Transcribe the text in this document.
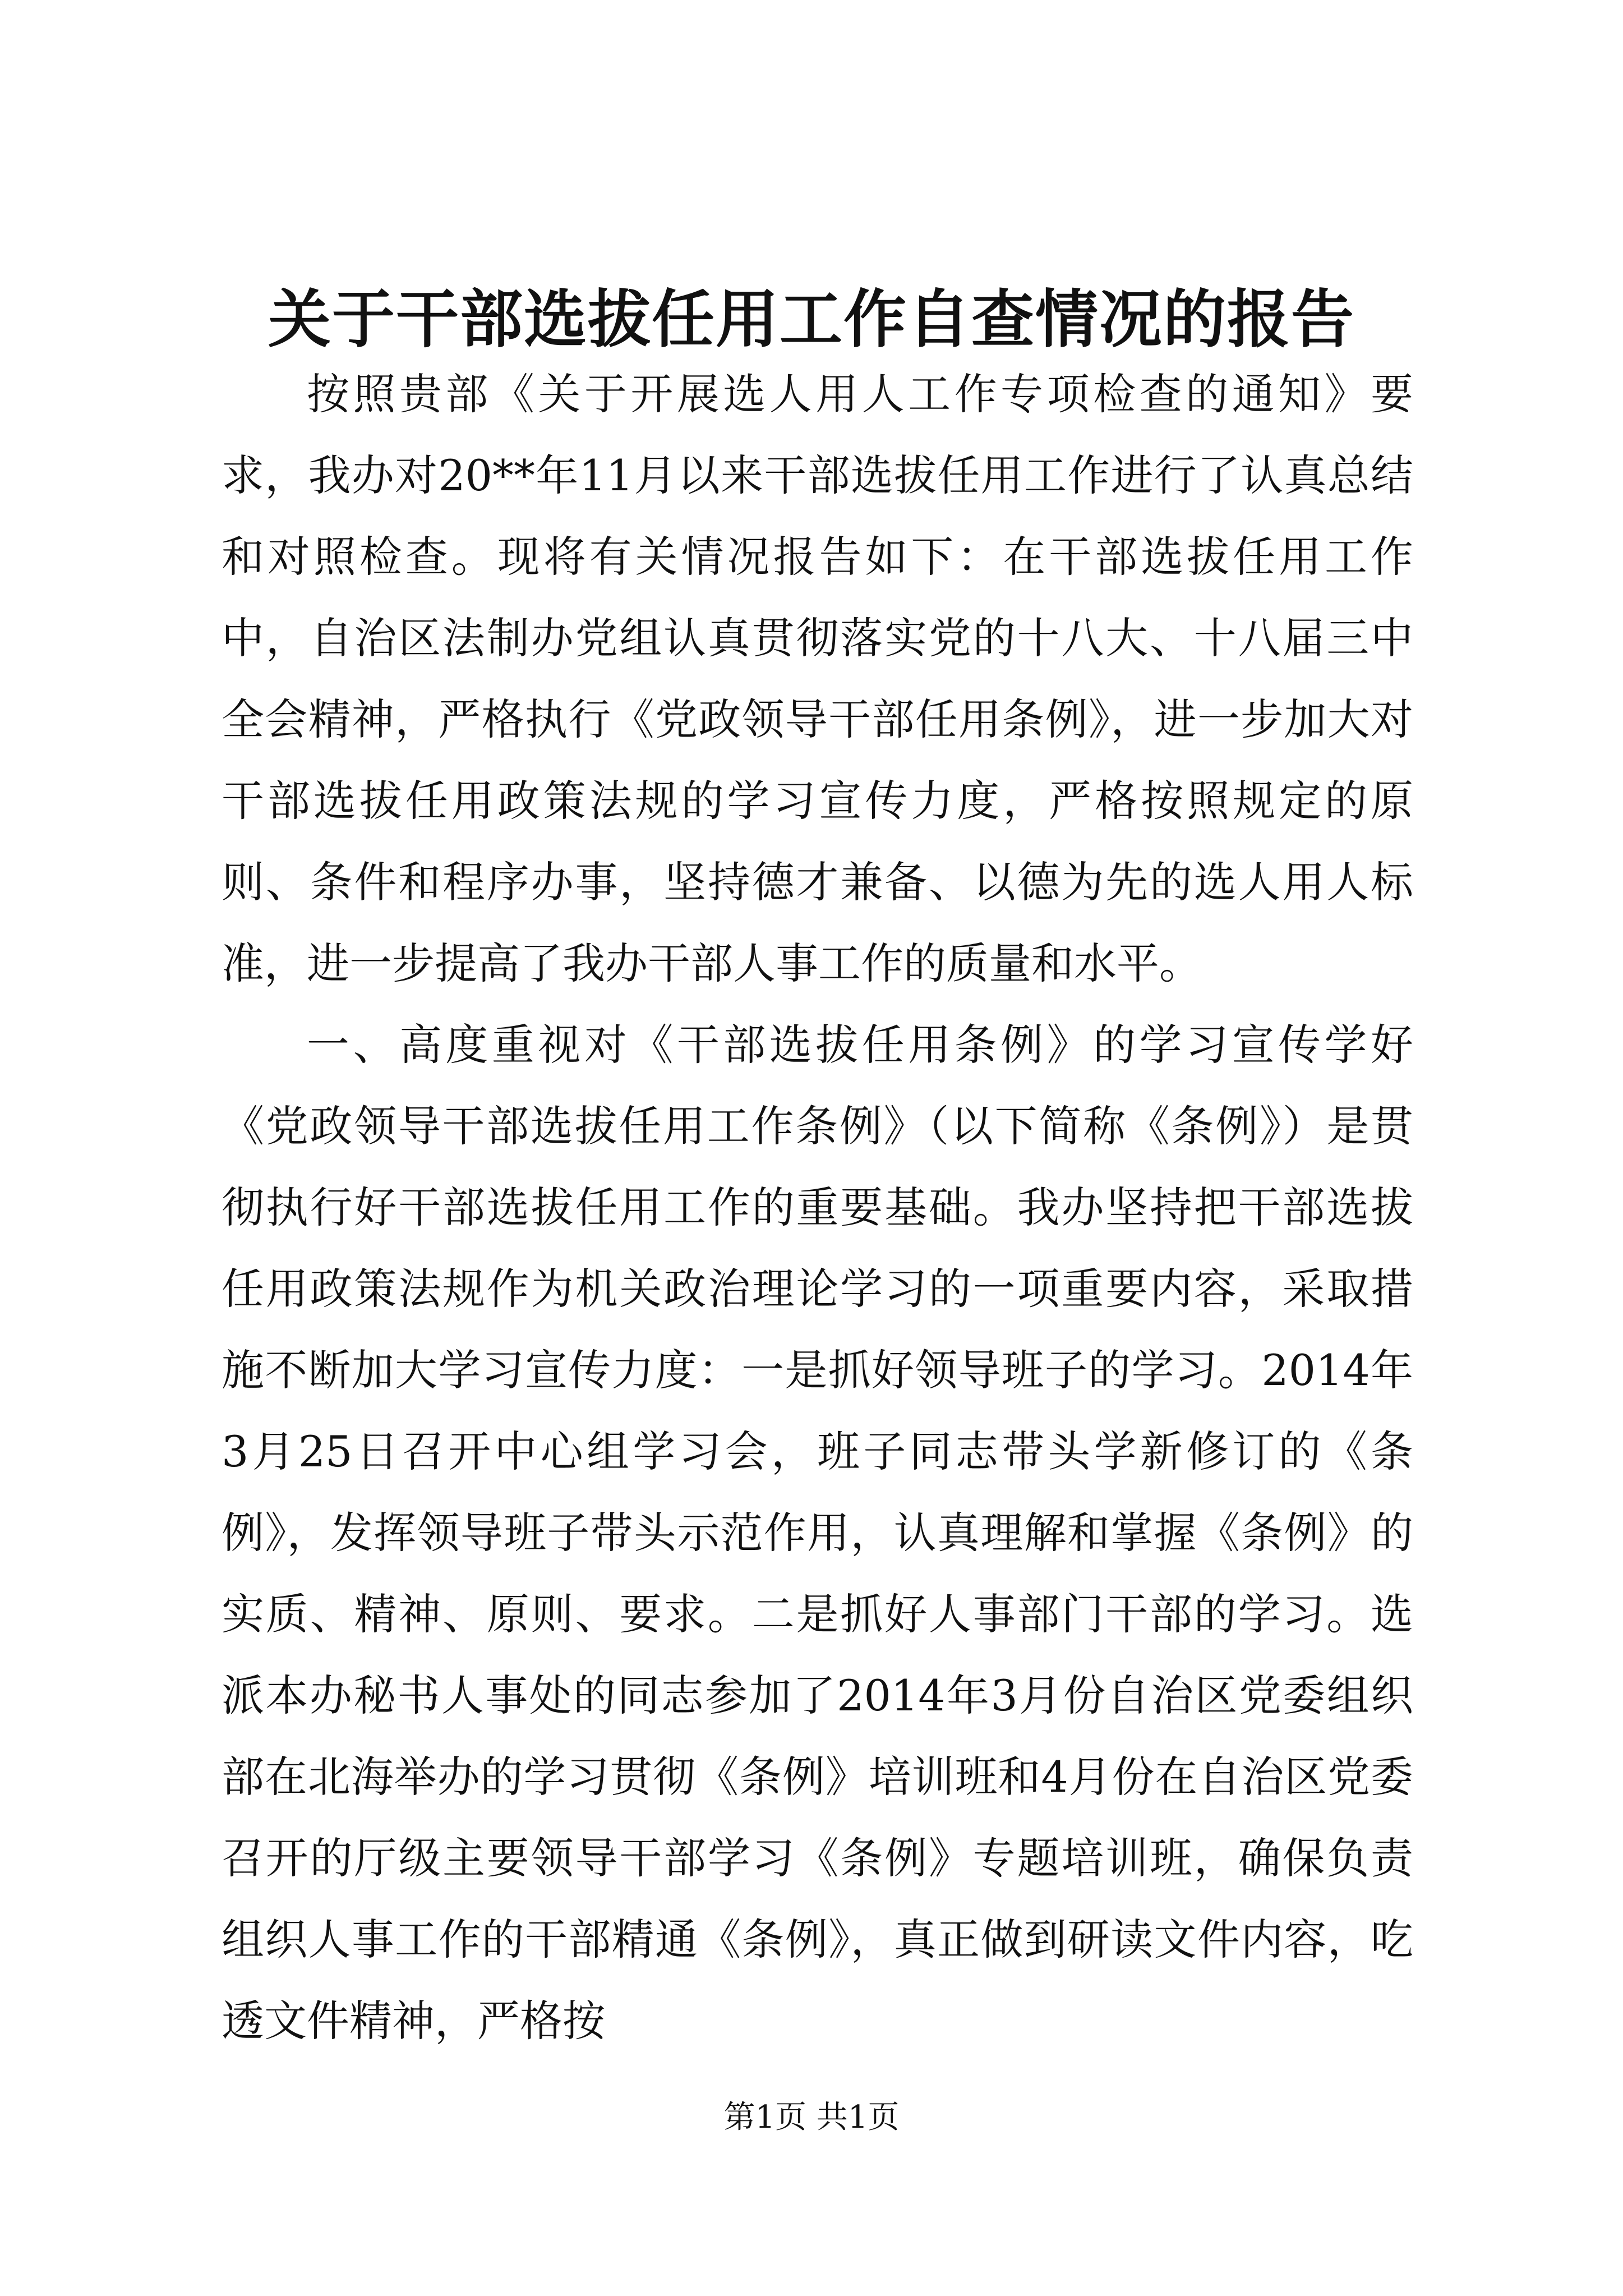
关于干部选拔任用工作自查情况的报告

按照贵部《关于开展选人用人工作专项检查的通知》要求，我办对20**年11月以来干部选拔任用工作进行了认真总结和对照检查。现将有关情况报告如下：在干部选拔任用工作中，自治区法制办党组认真贯彻落实党的十八大、十八届三中全会精神，严格执行《党政领导干部任用条例》，进一步加大对干部选拔任用政策法规的学习宣传力度，严格按照规定的原则、条件和程序办事，坚持德才兼备、以德为先的选人用人标准，进一步提高了我办干部人事工作的质量和水平。

一、高度重视对《干部选拔任用条例》的学习宣传学好《党政领导干部选拔任用工作条例》（以下简称《条例》）是贯彻执行好干部选拔任用工作的重要基础。我办坚持把干部选拔任用政策法规作为机关政治理论学习的一项重要内容，采取措施不断加大学习宣传力度：一是抓好领导班子的学习。2014年3月25日召开中心组学习会，班子同志带头学新修订的《条例》，发挥领导班子带头示范作用，认真理解和掌握《条例》的实质、精神、原则、要求。二是抓好人事部门干部的学习。选派本办秘书人事处的同志参加了2014年3月份自治区党委组织部在北海举办的学习贯彻《条例》培训班和4月份在自治区党委召开的厅级主要领导干部学习《条例》专题培训班，确保负责组织人事工作的干部精通《条例》，真正做到研读文件内容，吃透文件精神，严格按

第1页 共1页
